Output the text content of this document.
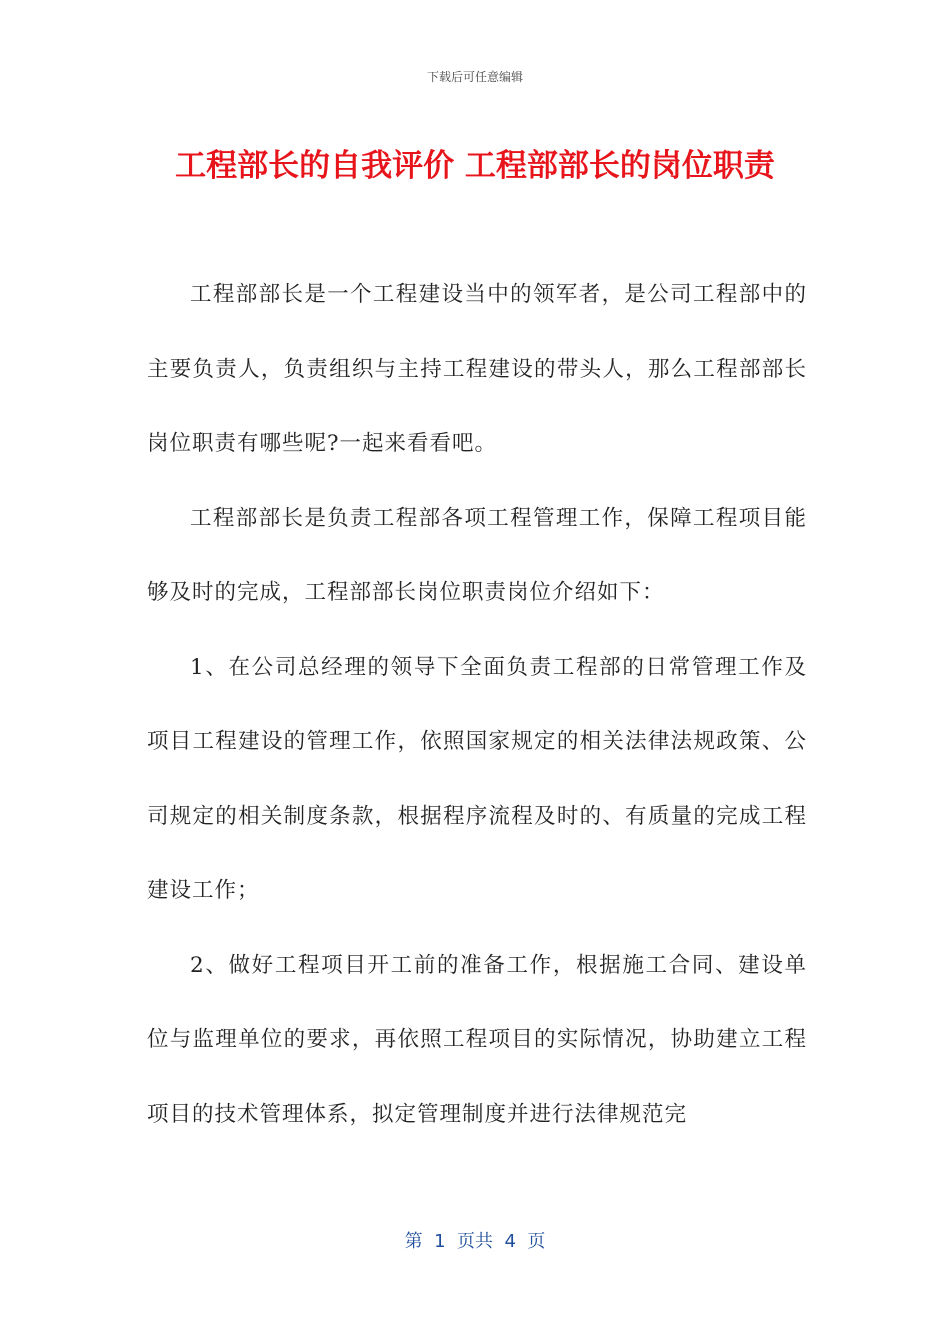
下载后可任意编辑
工程部长的自我评价 工程部部长的岗位职责

工程部部长是一个工程建设当中的领军者，是公司工程部中的主要负责人，负责组织与主持工程建设的带头人，那么工程部部长岗位职责有哪些呢?一起来看看吧。

工程部部长是负责工程部各项工程管理工作，保障工程项目能够及时的完成，工程部部长岗位职责岗位介绍如下：

1、在公司总经理的领导下全面负责工程部的日常管理工作及项目工程建设的管理工作，依照国家规定的相关法律法规政策、公司规定的相关制度条款，根据程序流程及时的、有质量的完成工程建设工作；

2、做好工程项目开工前的准备工作，根据施工合同、建设单位与监理单位的要求，再依照工程项目的实际情况，协助建立工程项目的技术管理体系，拟定管理制度并进行法律规范完

第  1  页共  4  页
